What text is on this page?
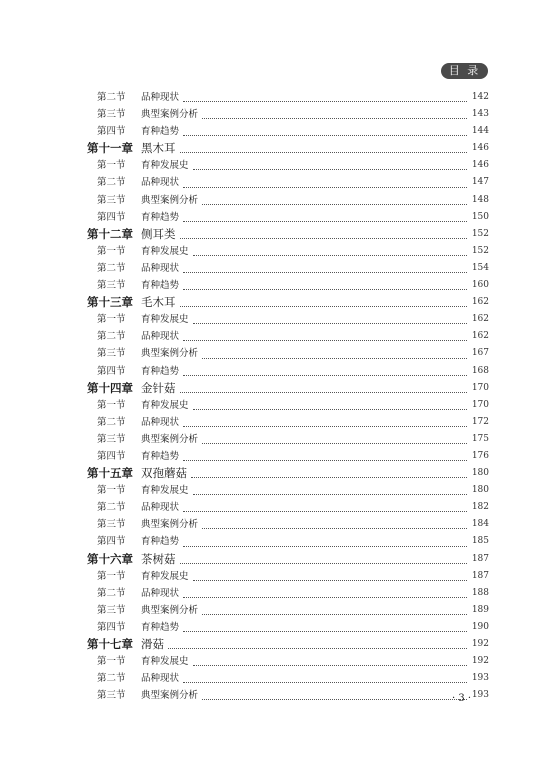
目 录
第二节	品种现状	142
第三节	典型案例分析	143
第四节	育种趋势	144
第十一章 黑木耳	146
第一节	育种发展史	146
第二节	品种现状	147
第三节	典型案例分析	148
第四节	育种趋势	150
第十二章 侧耳类	152
第一节	育种发展史	152
第二节	品种现状	154
第三节	育种趋势	160
第十三章 毛木耳	162
第一节	育种发展史	162
第二节	品种现状	162
第三节	典型案例分析	167
第四节	育种趋势	168
第十四章 金针菇	170
第一节	育种发展史	170
第二节	品种现状	172
第三节	典型案例分析	175
第四节	育种趋势	176
第十五章 双孢蘑菇	180
第一节	育种发展史	180
第二节	品种现状	182
第三节	典型案例分析	184
第四节	育种趋势	185
第十六章 茶树菇	187
第一节	育种发展史	187
第二节	品种现状	188
第三节	典型案例分析	189
第四节	育种趋势	190
第十七章 滑菇	192
第一节	育种发展史	192
第二节	品种现状	193
第三节	典型案例分析	193
· 3 ·
